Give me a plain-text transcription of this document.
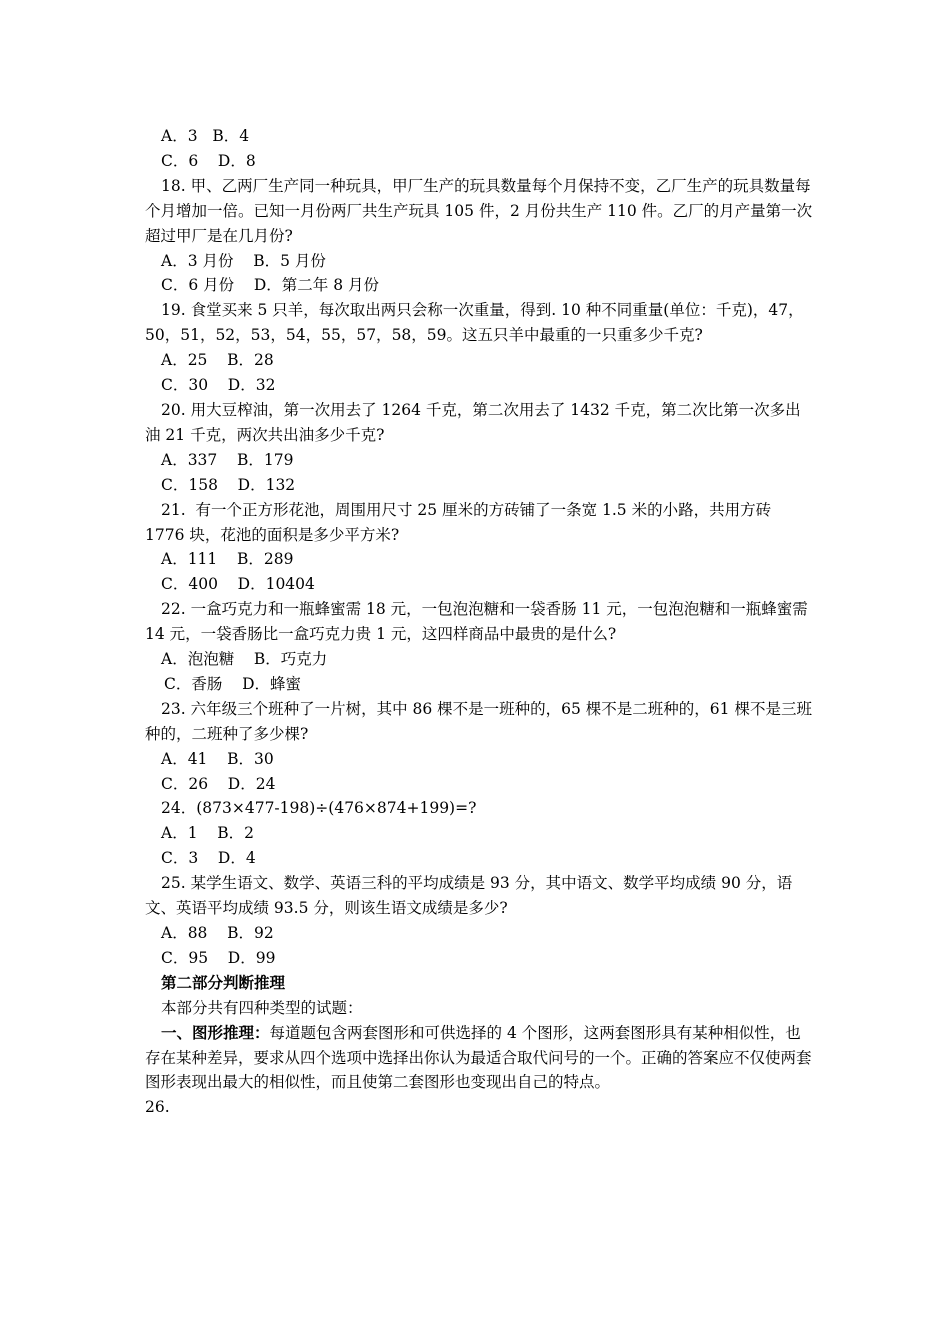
A．3   B．4
C．6    D．8
18. 甲、乙两厂生产同一种玩具，甲厂生产的玩具数量每个月保持不变，乙厂生产的玩具数量每个月增加一倍。已知一月份两厂共生产玩具 105 件，2 月份共生产 110 件。乙厂的月产量第一次超过甲厂是在几月份?
A．3 月份    B．5 月份
C．6 月份    D．第二年 8 月份
19. 食堂买来 5 只羊，每次取出两只会称一次重量，得到. 10 种不同重量(单位：千克)，47，50，51，52，53，54，55，57，58，59。这五只羊中最重的一只重多少千克?
A．25    B．28
C．30    D．32
20. 用大豆榨油，第一次用去了 1264 千克，第二次用去了 1432 千克，第二次比第一次多出油 21 千克，两次共出油多少千克?
A．337    B．179
C．158    D．132
21.  有一个正方形花池，周围用尺寸 25 厘米的方砖铺了一条宽 1.5 米的小路，共用方砖 1776 块，花池的面积是多少平方米?
A．111    B．289
C．400    D．10404
22. 一盒巧克力和一瓶蜂蜜需 18 元，一包泡泡糖和一袋香肠 11 元，一包泡泡糖和一瓶蜂蜜需 14 元，一袋香肠比一盒巧克力贵 1 元，这四样商品中最贵的是什么?
A．泡泡糖    B．巧克力
C．香肠    D．蜂蜜
23. 六年级三个班种了一片树，其中 86 棵不是一班种的，65 棵不是二班种的，61 棵不是三班种的，二班种了多少棵?
A．41    B．30
C．26    D．24
24．(873×477-198)÷(476×874+199)=?
A．1    B．2
C．3    D．4
25. 某学生语文、数学、英语三科的平均成绩是 93 分，其中语文、数学平均成绩 90 分，语文、英语平均成绩 93.5 分，则该生语文成绩是多少?
A．88    B．92
C．95    D．99
第二部分判断推理
本部分共有四种类型的试题：
一、图形推理：每道题包含两套图形和可供选择的 4 个图形，这两套图形具有某种相似性，也存在某种差异，要求从四个选项中选择出你认为最适合取代问号的一个。正确的答案应不仅使两套图形表现出最大的相似性，而且使第二套图形也变现出自己的特点。
26.
